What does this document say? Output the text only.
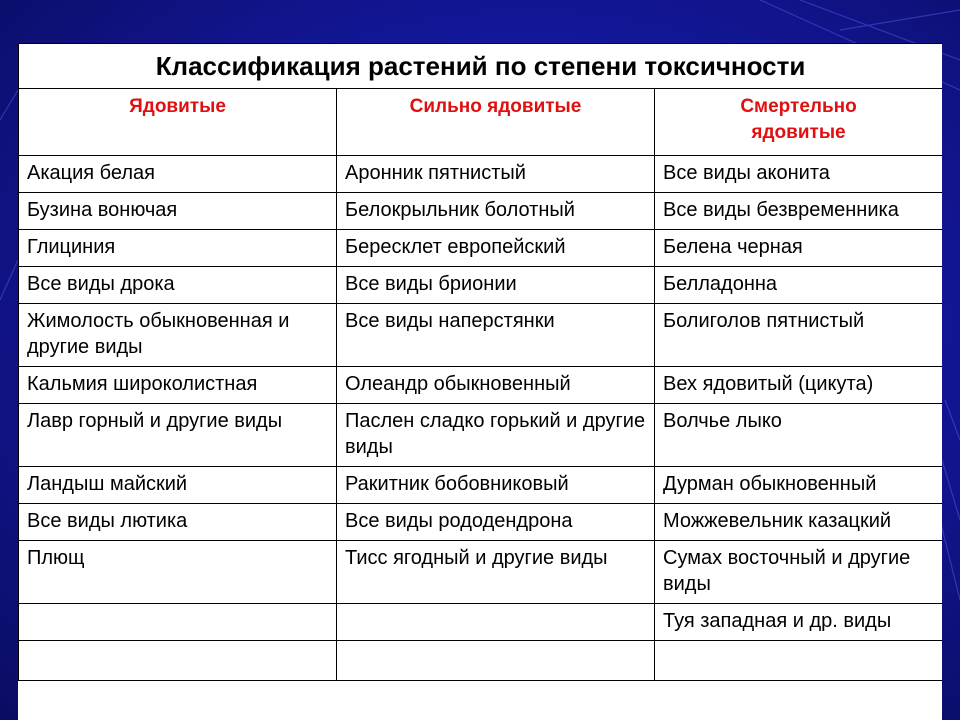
Классификация растений по степени токсичности		
Ядовитые	Сильно ядовитые	Смертельно ядовитые
Акация белая	Аронник пятнистый	Все виды аконита
Бузина вонючая	Белокрыльник болотный	Все виды безвременника
Глициния	Бересклет европейский	Белена черная
Все виды дрока	Все виды брионии	Белладонна
Жимолость обыкновенная и другие виды	Все виды наперстянки	Болиголов пятнистый
Кальмия широколистная	Олеандр обыкновенный	Вех ядовитый (цикута)
Лавр горный и другие виды	Паслен сладко горький и другие виды	Волчье лыко
Ландыш майский	Ракитник бобовниковый	Дурман обыкновенный
Все виды лютика	Все виды рододендрона	Можжевельник казацкий
Плющ	Тисс ягодный и другие виды	Сумах восточный и другие виды
		Туя западная и др. виды
